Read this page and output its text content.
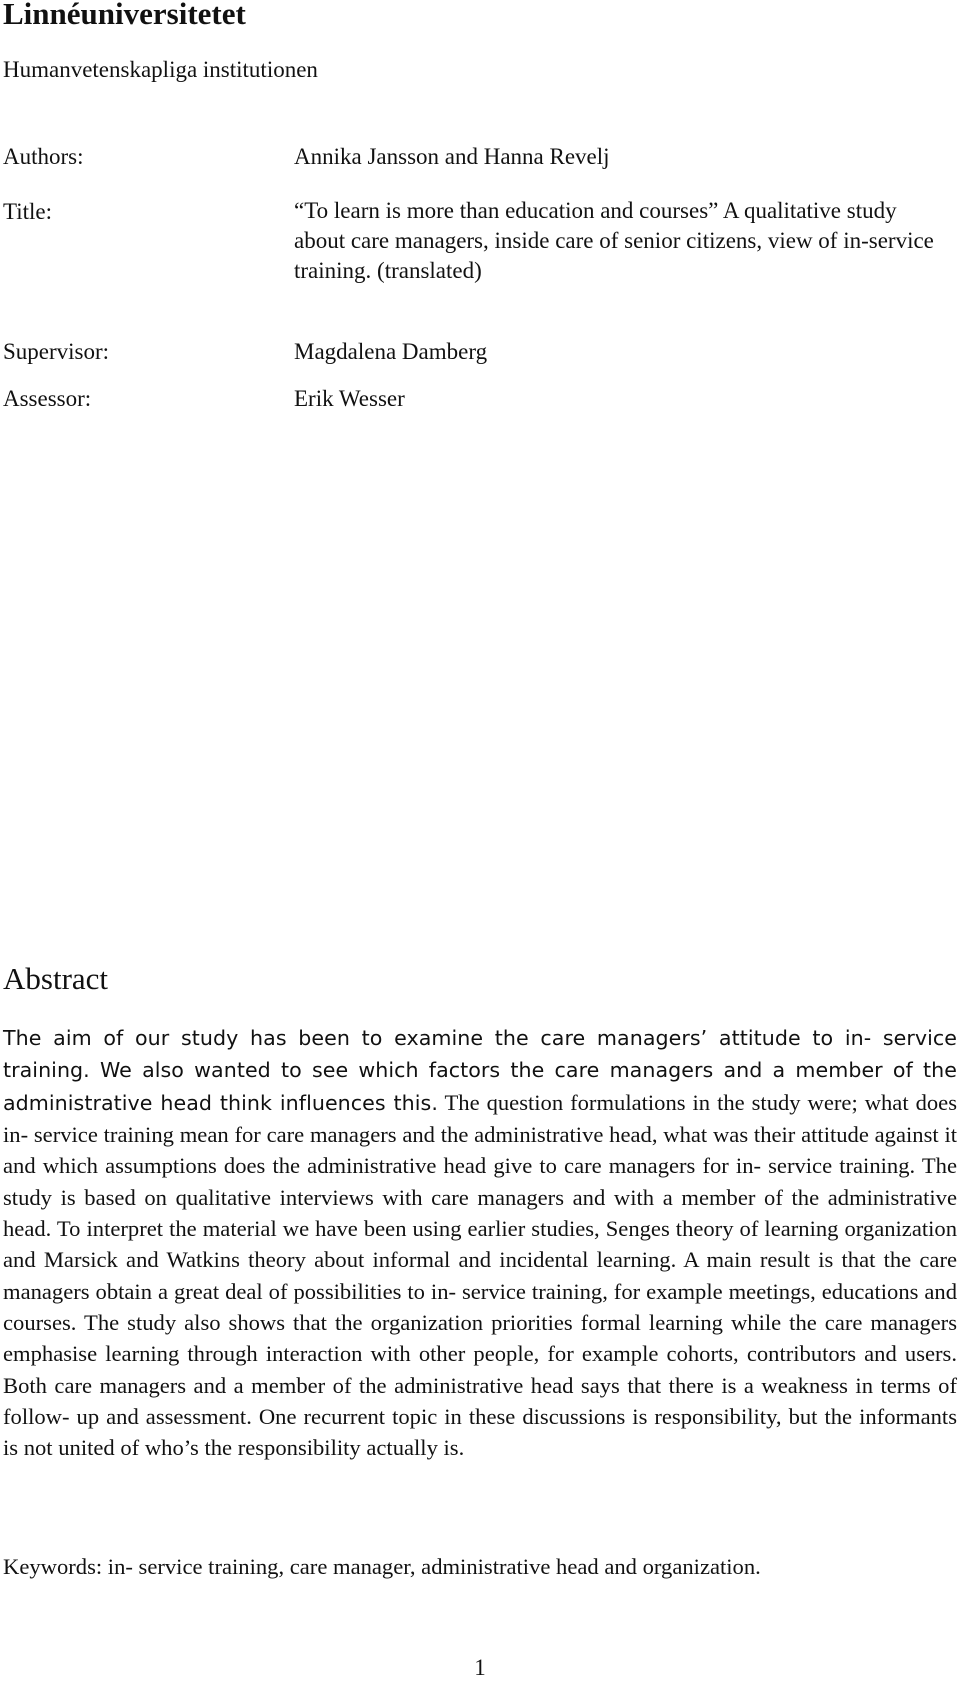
Linnéuniversitetet

Humanvetenskapliga institutionen

Authors:	Annika Jansson and Hanna Revelj

Title:	“To learn is more than education and courses” A qualitative study about care managers, inside care of senior citizens, view of in-service training. (translated)

Supervisor:	Magdalena Damberg

Assessor:	Erik Wesser

Abstract

The aim of our study has been to examine the care managers’ attitude to in- service training. We also wanted to see which factors the care managers and a member of the administrative head think influences this. The question formulations in the study were; what does in- service training mean for care managers and the administrative head, what was their attitude against it and which assumptions does the administrative head give to care managers for in- service training. The study is based on qualitative interviews with care managers and with a member of the administrative head. To interpret the material we have been using earlier studies, Senges theory of learning organization and Marsick and Watkins theory about informal and incidental learning. A main result is that the care managers obtain a great deal of possibilities to in- service training, for example meetings, educations and courses. The study also shows that the organization priorities formal learning while the care managers emphasise learning through interaction with other people, for example cohorts, contributors and users. Both care managers and a member of the administrative head says that there is a weakness in terms of follow- up and assessment. One recurrent topic in these discussions is responsibility, but the informants is not united of who’s the responsibility actually is.

Keywords: in- service training, care manager, administrative head and organization.

1
